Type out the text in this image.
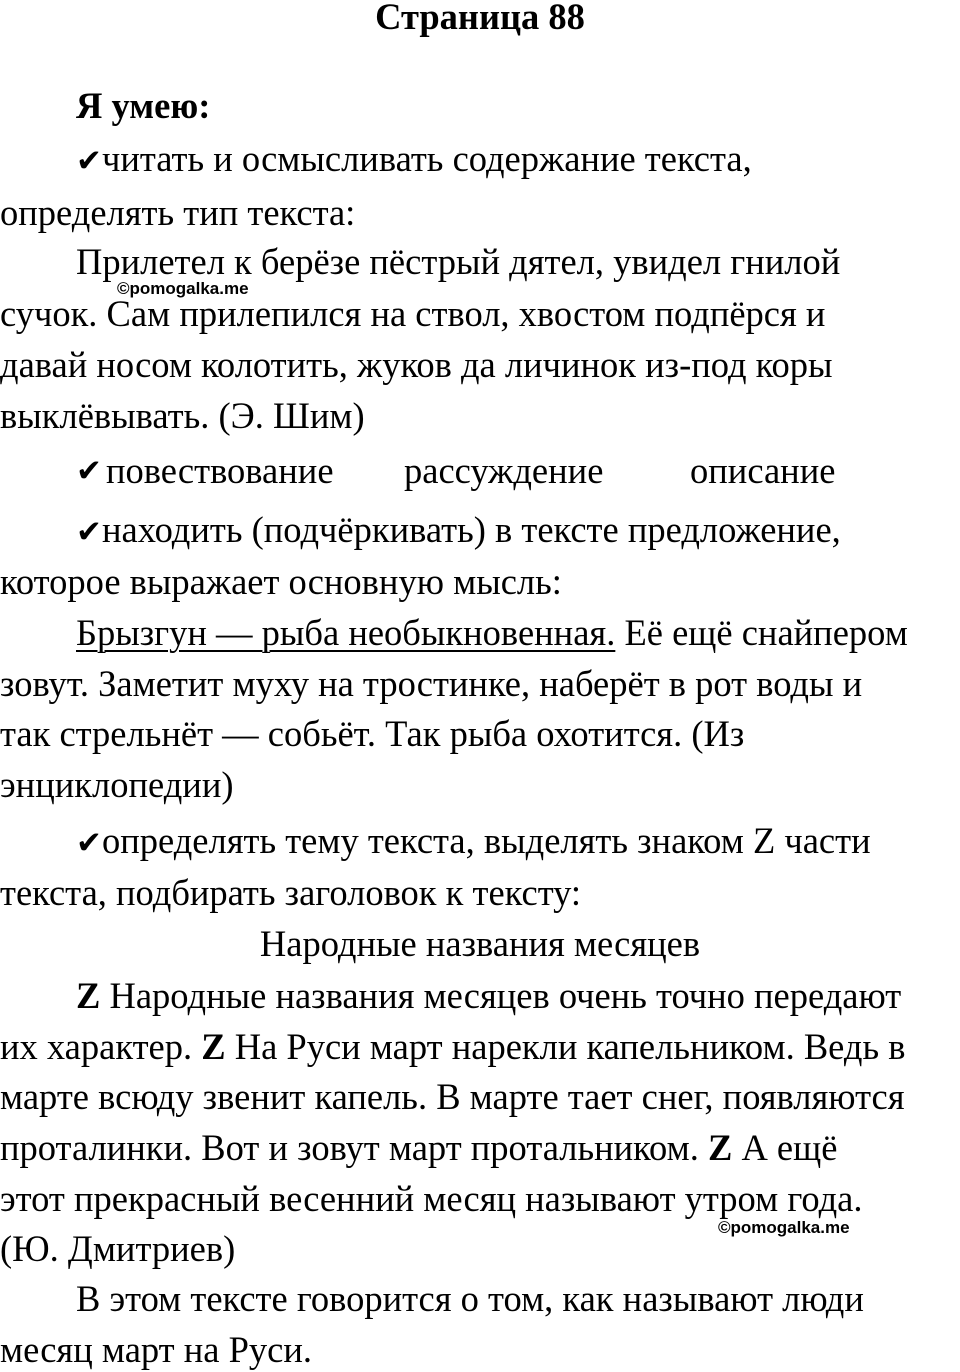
Страница 88
Я умею:
✔читать и осмысливать содержание текста,
определять тип текста:
Прилетел к берёзе пёстрый дятел, увидел гнилой
©pomogalka.me
сучок. Сам прилепился на ствол, хвостом подпёрся и
давай носом колотить, жуков да личинок из-под коры
выклёвывать. (Э. Шим)
✔ повествование рассуждение описание
✔находить (подчёркивать) в тексте предложение,
которое выражает основную мысль:
Брызгун — рыба необыкновенная. Её ещё снайпером
зовут. Заметит муху на тростинке, наберёт в рот воды и
так стрельнёт — собьёт. Так рыба охотится. (Из
энциклопедии)
✔определять тему текста, выделять знаком Z части
текста, подбирать заголовок к тексту:
Народные названия месяцев
Z Народные названия месяцев очень точно передают
их характер. Z На Руси март нарекли капельником. Ведь в
марте всюду звенит капель. В марте тает снег, появляются
проталинки. Вот и зовут март протальником. Z А ещё
этот прекрасный весенний месяц называют утром года.
©pomogalka.me
(Ю. Дмитриев)
В этом тексте говорится о том, как называют люди
месяц март на Руси.
